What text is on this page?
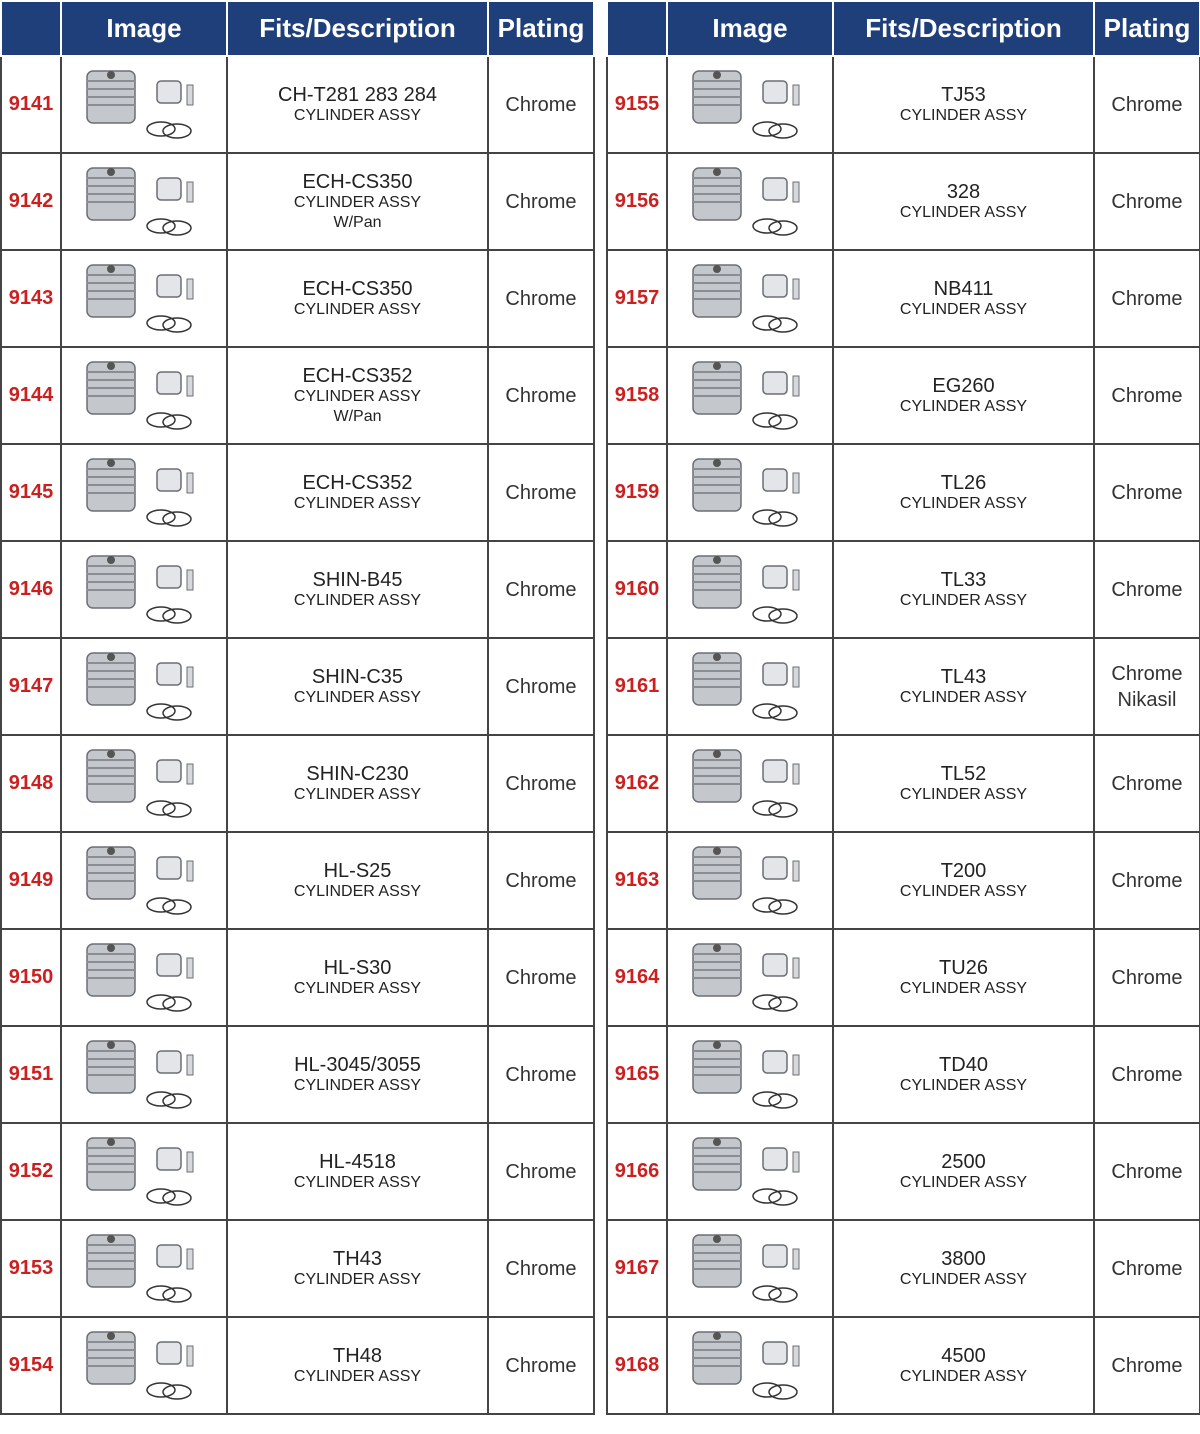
	Image	Fits/Description	Plating
9141		CH-T281 283 284
CYLINDER ASSY	Chrome

9142		ECH-CS350
CYLINDER ASSY
W/Pan	Chrome

9143		ECH-CS350
CYLINDER ASSY	Chrome

9144		ECH-CS352
CYLINDER ASSY
W/Pan	Chrome

9145		ECH-CS352
CYLINDER ASSY	Chrome

9146		SHIN-B45
CYLINDER ASSY	Chrome

9147		SHIN-C35
CYLINDER ASSY	Chrome

9148		SHIN-C230
CYLINDER ASSY	Chrome

9149		HL-S25
CYLINDER ASSY	Chrome

9150		HL-S30
CYLINDER ASSY	Chrome

9151		HL-3045/3055
CYLINDER ASSY	Chrome

9152		HL-4518
CYLINDER ASSY	Chrome

9153		TH43
CYLINDER ASSY	Chrome

9154		TH48
CYLINDER ASSY	Chrome
	Image	Fits/Description	Plating
9155		TJ53
CYLINDER ASSY	Chrome

9156		328
CYLINDER ASSY	Chrome

9157		NB411
CYLINDER ASSY	Chrome

9158		EG260
CYLINDER ASSY	Chrome

9159		TL26
CYLINDER ASSY	Chrome

9160		TL33
CYLINDER ASSY	Chrome

9161		TL43
CYLINDER ASSY	Chrome
Nikasil

9162		TL52
CYLINDER ASSY	Chrome

9163		T200
CYLINDER ASSY	Chrome

9164		TU26
CYLINDER ASSY	Chrome

9165		TD40
CYLINDER ASSY	Chrome

9166		2500
CYLINDER ASSY	Chrome

9167		3800
CYLINDER ASSY	Chrome

9168		4500
CYLINDER ASSY	Chrome
